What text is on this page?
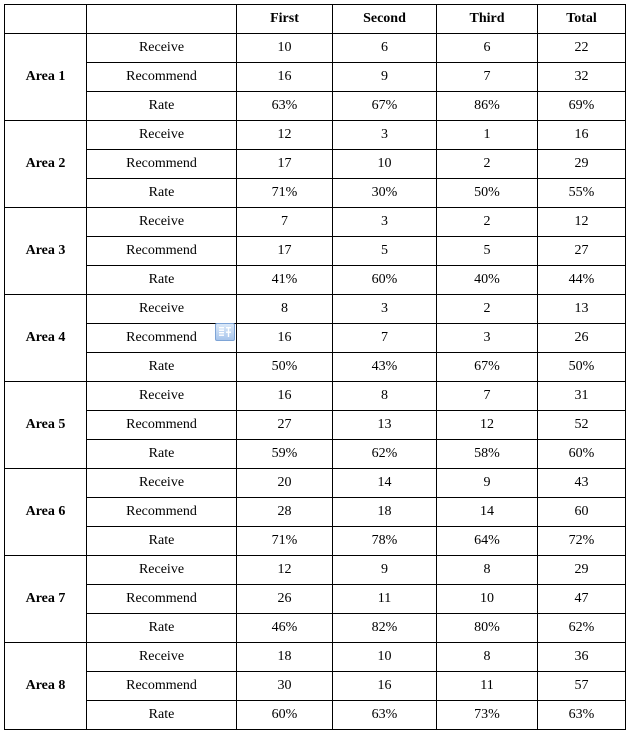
		First	Second	Third	Total
Area 1	Receive	10	6	6	22
	Recommend	16	9	7	32
	Rate	63%	67%	86%	69%
Area 2	Receive	12	3	1	16
	Recommend	17	10	2	29
	Rate	71%	30%	50%	55%
Area 3	Receive	7	3	2	12
	Recommend	17	5	5	27
	Rate	41%	60%	40%	44%
Area 4	Receive	8	3	2	13
	Recommend	16	7	3	26
	Rate	50%	43%	67%	50%
Area 5	Receive	16	8	7	31
	Recommend	27	13	12	52
	Rate	59%	62%	58%	60%
Area 6	Receive	20	14	9	43
	Recommend	28	18	14	60
	Rate	71%	78%	64%	72%
Area 7	Receive	12	9	8	29
	Recommend	26	11	10	47
	Rate	46%	82%	80%	62%
Area 8	Receive	18	10	8	36
	Recommend	30	16	11	57
	Rate	60%	63%	73%	63%
